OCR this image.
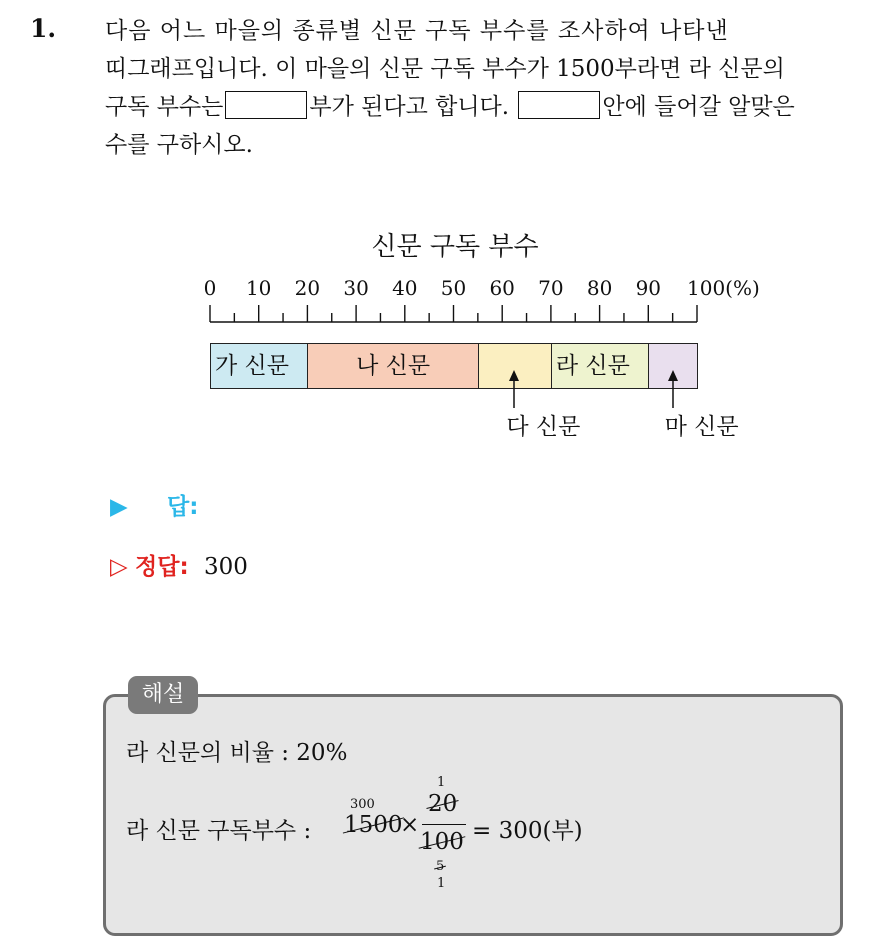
1. 다음 어느 마을의 종류별 신문 구독 부수를 조사하여 나타낸
띠그래프입니다. 이 마을의 신문 구독 부수가 1500부라면 라 신문의
구독 부수는	부가 된다고 합니다.	안에 들어갈 알맞은
수를 구하시오.
신문 구독 부수
0 10 20 30 40 50 60 70 80 90 100(%)
가 신문	나 신문
다 신문
라 신문
마 신문
▶ 답:
▷ 정답: 300
해설
라 신문의 비율 : 20%
라 신문 구독부수 :
300
1500
×
1
20
100
5
1
= 300(부)
